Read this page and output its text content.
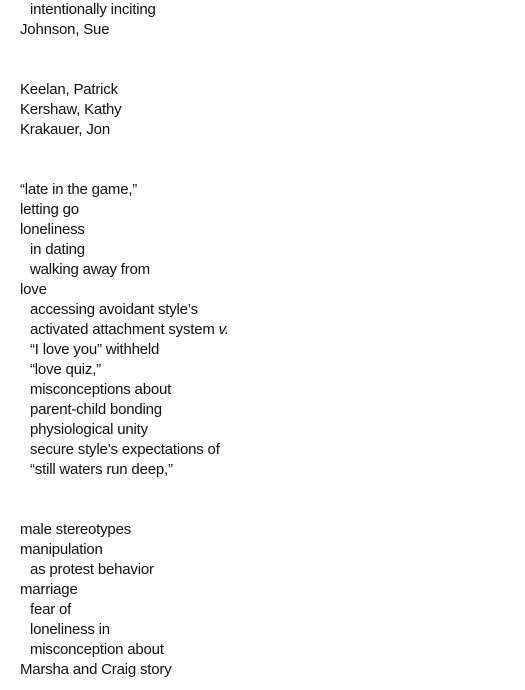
intentionally inciting
Johnson, Sue
Keelan, Patrick
Kershaw, Kathy
Krakauer, Jon
“late in the game,”
letting go
loneliness
in dating
walking away from
love
accessing avoidant style’s
activated attachment system v.
“I love you” withheld
“love quiz,”
misconceptions about
parent-child bonding
physiological unity
secure style’s expectations of
“still waters run deep,”
male stereotypes
manipulation
as protest behavior
marriage
fear of
loneliness in
misconception about
Marsha and Craig story
